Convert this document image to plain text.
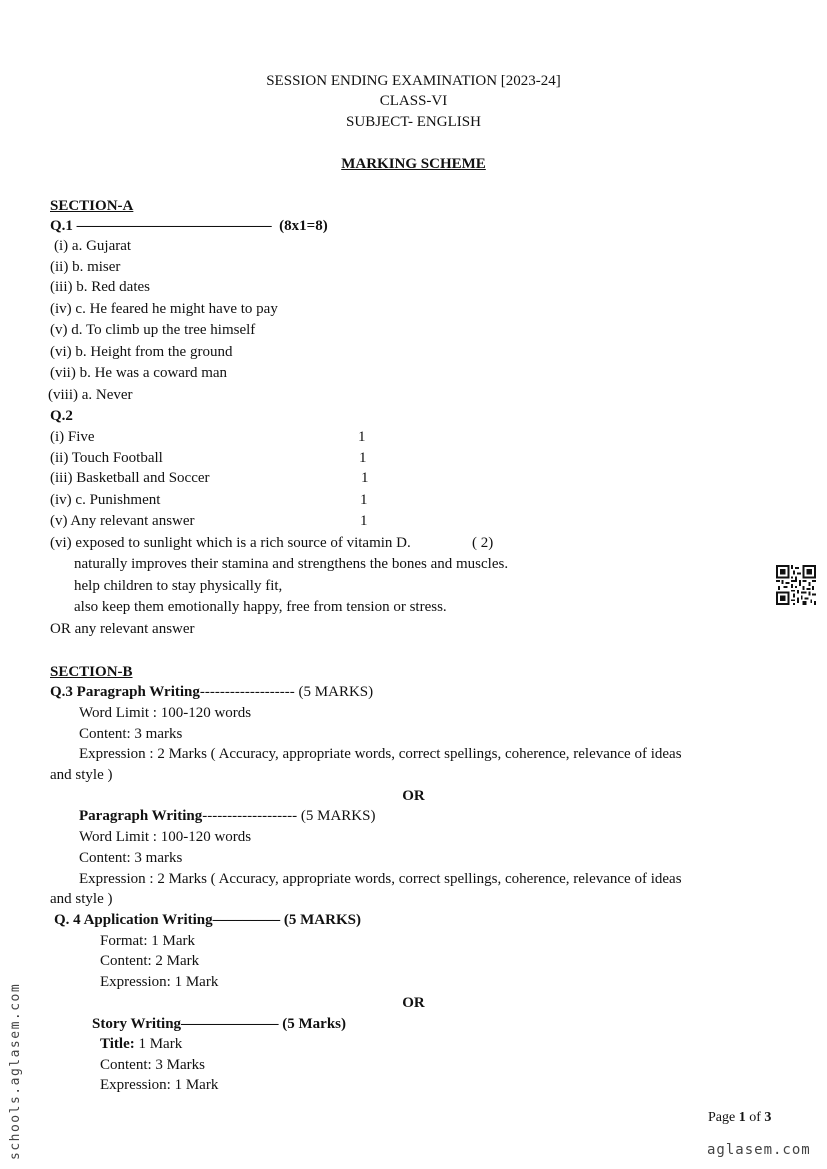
SESSION ENDING EXAMINATION [2023-24]
CLASS-VI
SUBJECT- ENGLISH
MARKING SCHEME
SECTION-A
Q.1 –––––––––––––––––––––––––– (8x1=8)
(i) a. Gujarat
(ii) b. miser
(iii) b. Red dates
(iv) c. He feared he might have to pay
(v) d. To climb up the tree himself
(vi) b. Height from the ground
(vii) b. He was a coward man
(viii) a. Never
Q.2
(i) Five	1
(ii) Touch Football	1
(iii) Basketball and Soccer	1
(iv) c. Punishment	1
(v) Any relevant answer	1
(vi) exposed to sunlight which is a rich source of vitamin D.	( 2)
naturally improves their stamina and strengthens the bones and muscles.
help children to stay physically fit,
also keep them emotionally happy, free from tension or stress.
OR any relevant answer
SECTION-B
Q.3 Paragraph Writing------------------- (5 MARKS)
Word Limit : 100-120 words
Content: 3 marks
Expression : 2 Marks ( Accuracy, appropriate words, correct spellings, coherence, relevance of ideas
and style )
OR
Paragraph Writing------------------- (5 MARKS)
Word Limit : 100-120 words
Content: 3 marks
Expression : 2 Marks ( Accuracy, appropriate words, correct spellings, coherence, relevance of ideas
and style )
Q. 4 Application Writing––––––––– (5 MARKS)
Format: 1 Mark
Content: 2 Mark
Expression: 1 Mark
OR
Story Writing––––––––––––– (5 Marks)
Title: 1 Mark
Content: 3 Marks
Expression: 1 Mark
Page 1 of 3
schools.aglasem.com	aglasem.com
